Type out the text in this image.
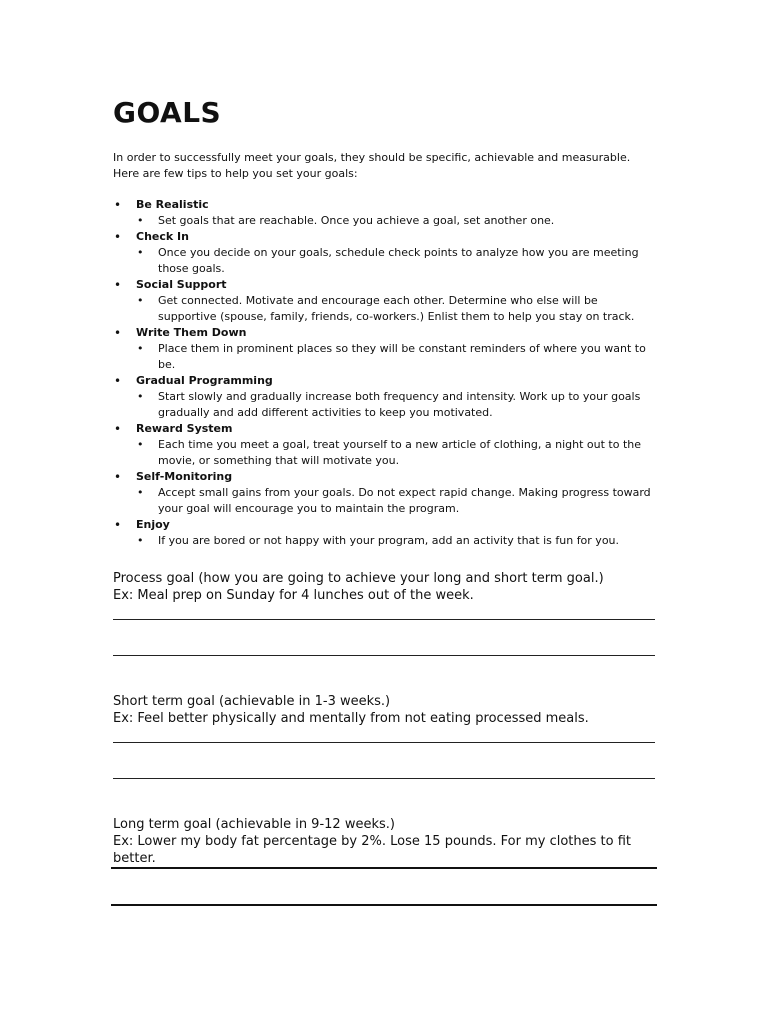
GOALS

In order to successfully meet your goals, they should be specific, achievable and measurable. Here are few tips to help you set your goals:

• Be Realistic
• Set goals that are reachable. Once you achieve a goal, set another one.
• Check In
• Once you decide on your goals, schedule check points to analyze how you are meeting those goals.
• Social Support
• Get connected. Motivate and encourage each other. Determine who else will be supportive (spouse, family, friends, co-workers.) Enlist them to help you stay on track.
• Write Them Down
• Place them in prominent places so they will be constant reminders of where you want to be.
• Gradual Programming
• Start slowly and gradually increase both frequency and intensity. Work up to your goals gradually and add different activities to keep you motivated.
• Reward System
• Each time you meet a goal, treat yourself to a new article of clothing, a night out to the movie, or something that will motivate you.
• Self-Monitoring
• Accept small gains from your goals. Do not expect rapid change. Making progress toward your goal will encourage you to maintain the program.
• Enjoy
• If you are bored or not happy with your program, add an activity that is fun for you.

Process goal (how you are going to achieve your long and short term goal.)

Ex: Meal prep on Sunday for 4 lunches out of the week.

Short term goal (achievable in 1-3 weeks.)

Ex: Feel better physically and mentally from not eating processed meals.

Long term goal (achievable in 9-12 weeks.)

Ex: Lower my body fat percentage by 2%. Lose 15 pounds. For my clothes to fit better.
